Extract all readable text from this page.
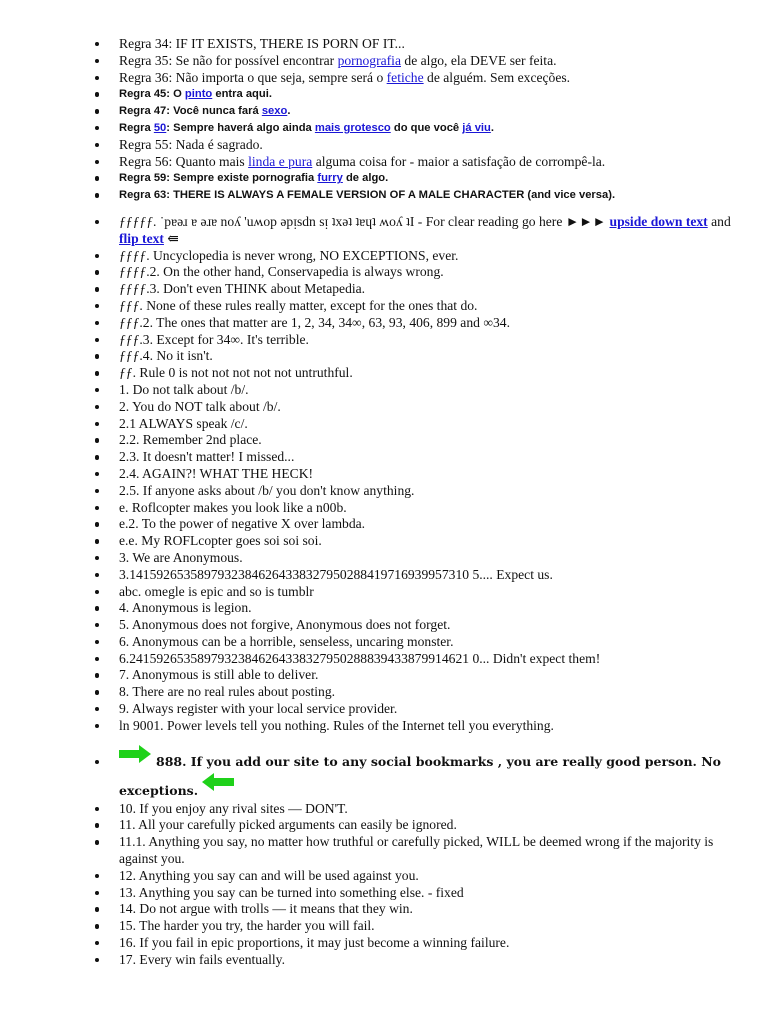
Regra 34: IF IT EXISTS, THERE IS PORN OF IT...
Regra 35: Se não for possível encontrar pornografia de algo, ela DEVE ser feita.
Regra 36: Não importa o que seja, sempre será o fetiche de alguém. Sem exceções.
Regra 45: O pinto entra aqui.
Regra 47: Você nunca fará sexo.
Regra 50: Sempre haverá algo ainda mais grotesco do que você já viu.
Regra 55: Nada é sagrado.
Regra 56: Quanto mais linda e pura alguma coisa for - maior a satisfação de corrompê-la.
Regra 59: Sempre existe pornografia furry de algo.
Regra 63: THERE IS ALWAYS A FEMALE VERSION OF A MALE CHARACTER (and vice versa).
ƒƒƒƒƒ. ˙pɐǝɹ ɐ ǝɹɐ noʎ 'uʍop ǝpᴉsdn sᴉ ʇxǝʇ ʇɐɥʇ ʍoʎ ʇI - For clear reading go here ►►► upside down text and flip text ⇚
ƒƒƒƒ. Uncyclopedia is never wrong, NO EXCEPTIONS, ever.
ƒƒƒƒ.2. On the other hand, Conservapedia is always wrong.
ƒƒƒƒ.3. Don't even THINK about Metapedia.
ƒƒƒ. None of these rules really matter, except for the ones that do.
ƒƒƒ.2. The ones that matter are 1, 2, 34, 34∞, 63, 93, 406, 899 and ∞34.
ƒƒƒ.3. Except for 34∞. It's terrible.
ƒƒƒ.4. No it isn't.
ƒƒ. Rule 0 is not not not not not untruthful.
1. Do not talk about /b/.
2. You do NOT talk about /b/.
2.1 ALWAYS speak /c/.
2.2. Remember 2nd place.
2.3. It doesn't matter! I missed...
2.4. AGAIN?! WHAT THE HECK!
2.5. If anyone asks about /b/ you don't know anything.
e. Roflcopter makes you look like a n00b.
e.2. To the power of negative X over lambda.
e.e. My ROFLcopter goes soi soi soi.
3. We are Anonymous.
3.14159265358979323846264338327950288419716939957310 5.... Expect us.
abc. omegle is epic and so is tumblr
4. Anonymous is legion.
5. Anonymous does not forgive, Anonymous does not forget.
6. Anonymous can be a horrible, senseless, uncaring monster.
6.24159265358979323846264338327950288839433879914621 0... Didn't expect them!
7. Anonymous is still able to deliver.
8. There are no real rules about posting.
9. Always register with your local service provider.
ln 9001. Power levels tell you nothing. Rules of the Internet tell you everything.
888. If you add our site to any social bookmarks , you are really good person. No
exceptions.
10. If you enjoy any rival sites — DON'T.
11. All your carefully picked arguments can easily be ignored.
11.1. Anything you say, no matter how truthful or carefully picked, WILL be deemed wrong if the majority is against you.
12. Anything you say can and will be used against you.
13. Anything you say can be turned into something else. - fixed
14. Do not argue with trolls — it means that they win.
15. The harder you try, the harder you will fail.
16. If you fail in epic proportions, it may just become a winning failure.
17. Every win fails eventually.
